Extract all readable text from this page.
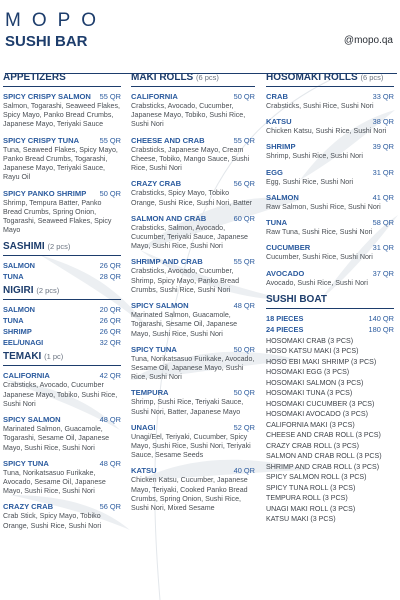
MOPO
SUSHI BAR	@mopo.qa
APPETIZERS
SPICY CRISPY SALMON 55 QR
Salmon, Togarashi, Seaweed Flakes, Spicy Mayo, Panko Bread Crumbs, Japanese Mayo, Teriyaki Sauce
SPICY CRISPY TUNA	55 QR
Tuna, Seaweed Flakes, Spicy Mayo, Panko Bread Crumbs, Togarashi, Japanese Mayo, Teriyaki Sauce, Rayu Oil
SPICY PANKO SHRIMP 50 QR
Shrimp, Tempura Batter, Panko Bread Crumbs, Spring Onion, Togarashi, Seaweed Flakes, Spicy Mayo
SASHIMI (2 pcs)
SALMON	26 QR
TUNA	28 QR
NIGIRI (2 pcs)
SALMON	20 QR
TUNA	26 QR
SHRIMP	26 QR
EEL/UNAGI	32 QR
TEMAKI (1 pc)
CALIFORNIA	42 QR
Crabsticks, Avocado, Cucumber Japanese Mayo, Tobiko, Sushi Rice, Sushi Nori
SPICY SALMON	48 QR
Marinated Salmon, Guacamole, Togarashi, Sesame Oil, Japanese Mayo, Sushi Rice, Sushi Nori
SPICY TUNA	48 QR
Tuna, Norikatsasuo Furikake, Avocado, Sesame Oil, Japanese Mayo, Sushi Rice, Sushi Nori
CRAZY CRAB	56 QR
Crab Stick, Spicy Mayo, Tobiko Orange, Sushi Rice, Sushi Nori
MAKI ROLLS (6 pcs)
CALIFORNIA	50 QR
Crabsticks, Avocado, Cucumber, Japanese Mayo, Tobiko, Sushi Rice, Sushi Nori
CHEESE AND CRAB	55 QR
Crabsticks, Japanese Mayo, Cream Cheese, Tobiko, Mango Sauce, Sushi Rice, Sushi Nori
CRAZY CRAB	56 QR
Crabsticks, Spicy Mayo, Tobiko Orange, Sushi Rice, Sushi Nori, Batter
SALMON AND CRAB	60 QR
Crabsticks, Salmon, Avocado, Cucumber, Teriyaki Sauce, Japanese Mayo, Sushi Rice, Sushi Nori
SHRIMP AND CRAB	55 QR
Crabsticks, Avocado, Cucumber, Shrimp, Spicy Mayo, Panko Bread Crumbs, Sushi Rice, Sushi Nori
SPICY SALMON	48 QR
Marinated Salmon, Guacamole, Togarashi, Sesame Oil, Japanese Mayo, Sushi Rice, Sushi Nori
SPICY TUNA	50 QR
Tuna, Norikatsasuo Furikake, Avocado, Sesame Oil, Japanese Mayo, Sushi Rice, Sushi Nori
TEMPURA	50 QR
Shrimp, Sushi Rice, Teriyaki Sauce, Sushi Nori, Batter, Japanese Mayo
UNAGI	52 QR
Unagi/Eel, Teriyaki, Cucumber, Spicy Mayo, Sushi Rice, Sushi Nori, Teriyaki Sauce, Sesame Seeds
KATSU	40 QR
Chicken Katsu, Cucumber, Japanese Mayo, Teriyaki, Cooked Panko Bread Crumbs, Spring Onion, Sushi Rice, Sushi Nori, Mixed Sesame
HOSOMAKI ROLLS (6 pcs)
CRAB	33 QR
Crabsticks, Sushi Rice, Sushi Nori
KATSU	38 QR
Chicken Katsu, Sushi Rice, Sushi Nori
SHRIMP	39 QR
Shrimp, Sushi Rice, Sushi Nori
EGG	31 QR
Egg, Sushi Rice, Sushi Nori
SALMON	41 QR
Raw Salmon, Sushi Rice, Sushi Nori
TUNA	58 QR
Raw Tuna, Sushi Rice, Sushi Nori
CUCUMBER	31 QR
Cucumber, Sushi Rice, Sushi Nori
AVOCADO	37 QR
Avocado, Sushi Rice, Sushi Nori
SUSHI BOAT
18 PIECES	140 QR
24 PIECES	180 QR
HOSOMAKI CRAB (3 PCS)
HOSO KATSU MAKI (3 PCS)
HOSO EBI MAKI SHRIMP (3 PCS)
HOSOMAKI EGG (3 PCS)
HOSOMAKI SALMON (3 PCS)
HOSOMAKI TUNA (3 PCS)
HOSOMAKI CUCUMBER (3 PCS)
HOSOMAKI AVOCADO (3 PCS)
CALIFORNIA MAKI (3 PCS)
CHEESE AND CRAB ROLL (3 PCS)
CRAZY CRAB ROLL (3 PCS)
SALMON AND CRAB ROLL (3 PCS)
SHRIMP AND CRAB ROLL (3 PCS)
SPICY SALMON ROLL (3 PCS)
SPICY TUNA ROLL (3 PCS)
TEMPURA ROLL (3 PCS)
UNAGI MAKI ROLL (3 PCS)
KATSU MAKI (3 PCS)
